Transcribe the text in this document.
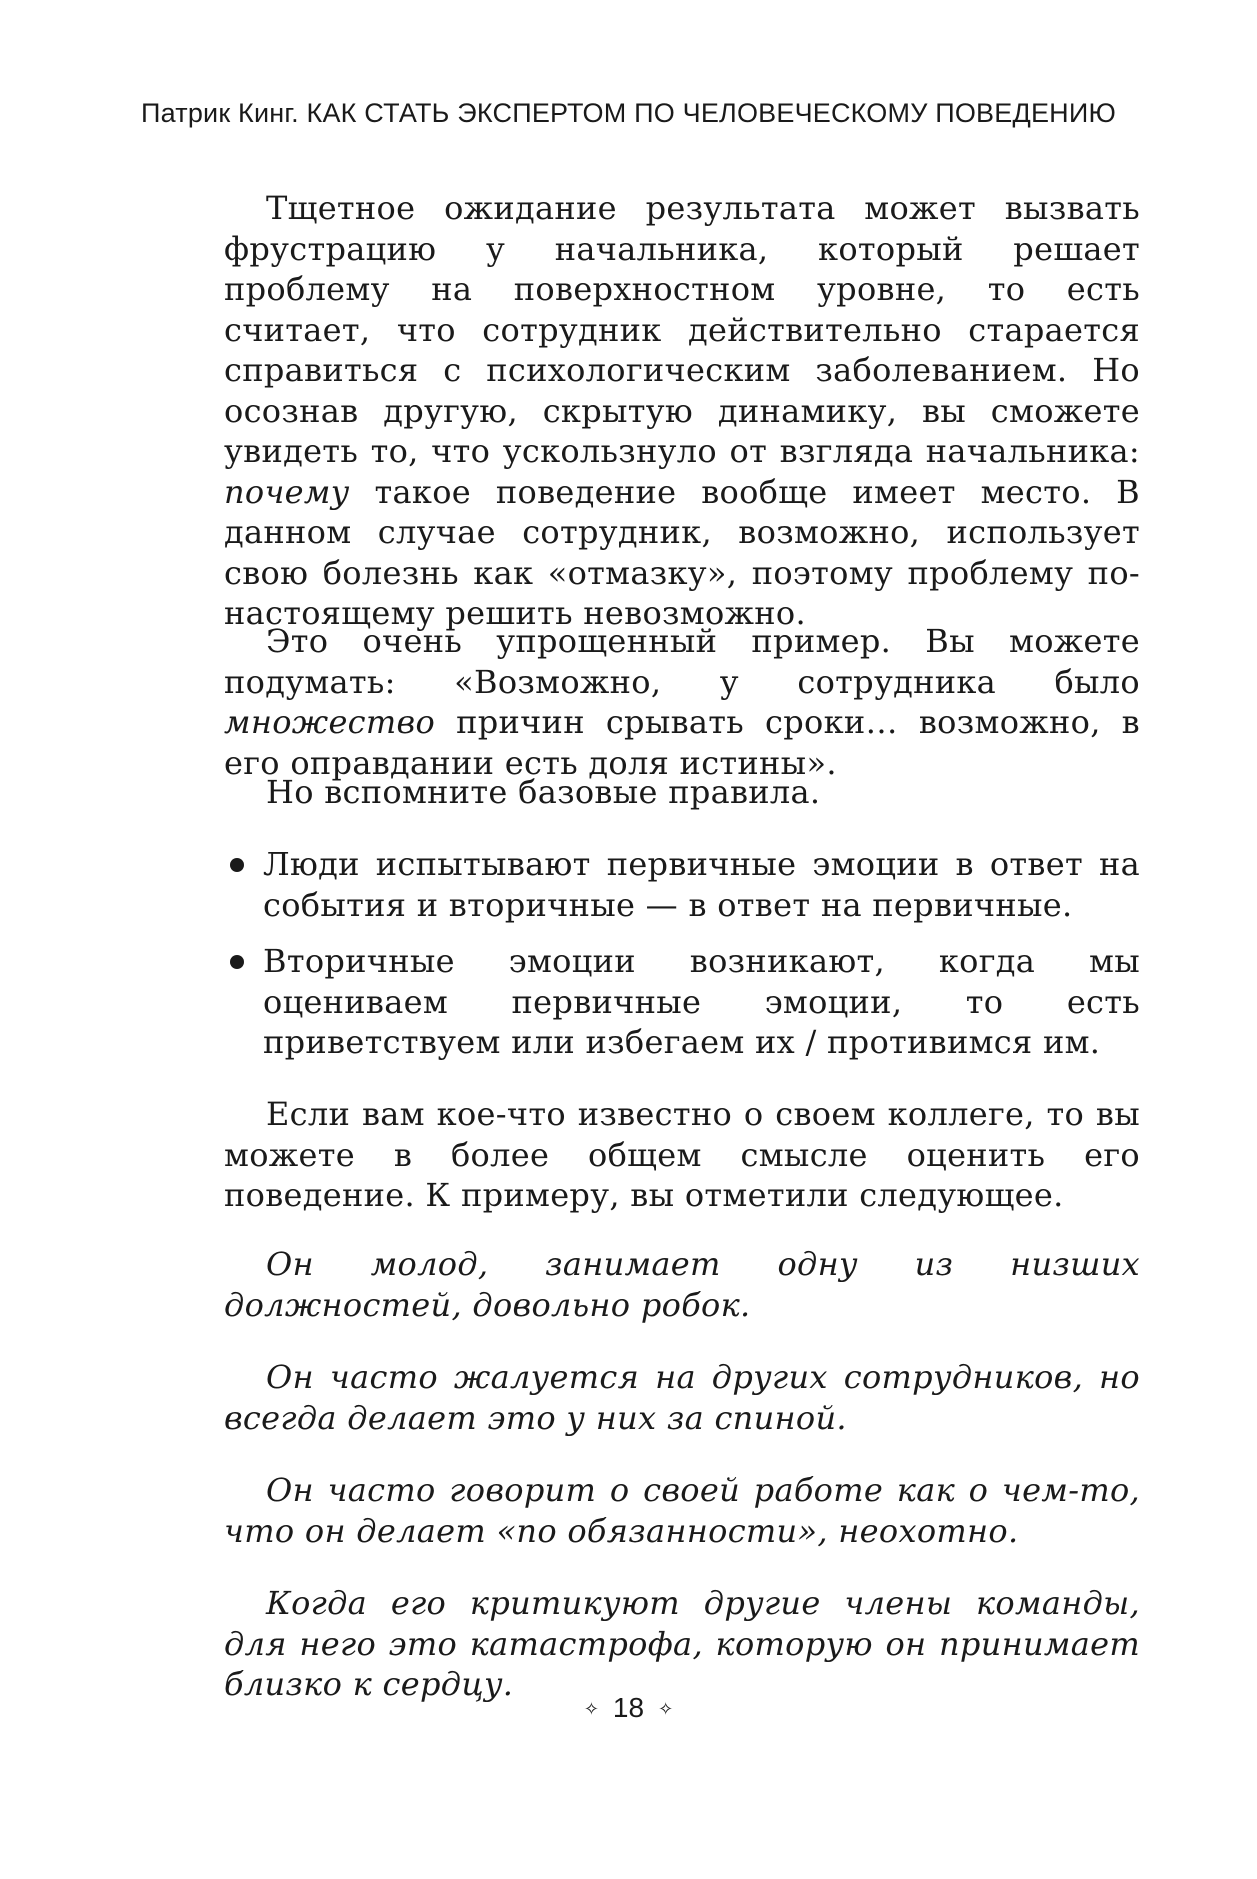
Патрик Кинг. КАК СТАТЬ ЭКСПЕРТОМ ПО ЧЕЛОВЕЧЕСКОМУ ПОВЕДЕНИЮ

Тщетное ожидание результата может вызвать фрустрацию у начальника, который решает проблему на поверхностном уровне, то есть считает, что сотрудник действительно старается справиться с психологическим заболеванием. Но осознав другую, скрытую динамику, вы сможете увидеть то, что ускользнуло от взгляда начальника: почему такое поведение вообще имеет место. В данном случае сотрудник, возможно, использует свою болезнь как «отмазку», поэтому проблему по-настоящему решить невозможно.

Это очень упрощенный пример. Вы можете подумать: «Возможно, у сотрудника было множество причин срывать сроки… возможно, в его оправдании есть доля истины».

Но вспомните базовые правила.

Люди испытывают первичные эмоции в ответ на события и вторичные — в ответ на первичные.

Вторичные эмоции возникают, когда мы оцениваем первичные эмоции, то есть приветствуем или избегаем их / противимся им.

Если вам кое-что известно о своем коллеге, то вы можете в более общем смысле оценить его поведение. К примеру, вы отметили следующее.

Он молод, занимает одну из низших должностей, довольно робок.

Он часто жалуется на других сотрудников, но всегда делает это у них за спиной.

Он часто говорит о своей работе как о чем-то, что он делает «по обязанности», неохотно.

Когда его критикуют другие члены команды, для него это катастрофа, которую он принимает близко к сердцу.

✧ 18 ✧
